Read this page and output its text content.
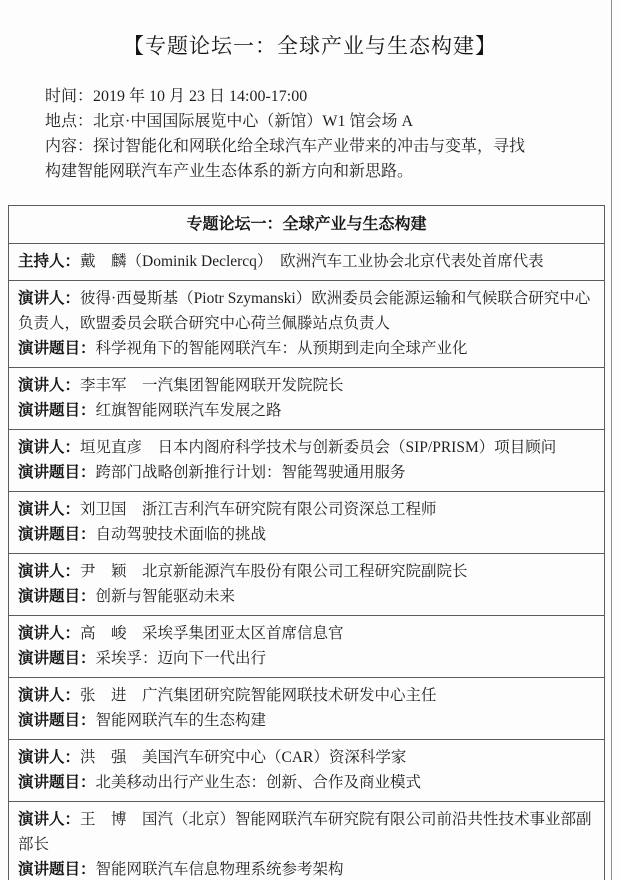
【专题论坛一：全球产业与生态构建】

时间：2019 年 10 月 23 日 14:00-17:00

地点：北京·中国国际展览中心（新馆）W1 馆会场 A

内容：探讨智能化和网联化给全球汽车产业带来的冲击与变革，寻找
构建智能网联汽车产业生态体系的新方向和新思路。

专题论坛一：全球产业与生态构建

主持人：戴　麟（Dominik Declercq）　欧洲汽车工业协会北京代表处首席代表

演讲人：彼得·西曼斯基（Piotr Szymanski）欧洲委员会能源运输和气候联合研究中心负责人，欧盟委员会联合研究中心荷兰佩滕站点负责人

演讲题目：科学视角下的智能网联汽车：从预期到走向全球产业化

演讲人：李丰军　一汽集团智能网联开发院院长

演讲题目：红旗智能网联汽车发展之路

演讲人：垣见直彦　日本内阁府科学技术与创新委员会（SIP/PRISM）项目顾问

演讲题目：跨部门战略创新推行计划：智能驾驶通用服务

演讲人：刘卫国　浙江吉利汽车研究院有限公司资深总工程师

演讲题目：自动驾驶技术面临的挑战

演讲人：尹　颖　北京新能源汽车股份有限公司工程研究院副院长

演讲题目：创新与智能驱动未来

演讲人：高　峻　采埃孚集团亚太区首席信息官

演讲题目：采埃孚：迈向下一代出行

演讲人：张　进　广汽集团研究院智能网联技术研发中心主任

演讲题目：智能网联汽车的生态构建

演讲人：洪　强　美国汽车研究中心（CAR）资深科学家

演讲题目：北美移动出行产业生态：创新、合作及商业模式

演讲人：王　博　国汽（北京）智能网联汽车研究院有限公司前沿共性技术事业部副部长

演讲题目：智能网联汽车信息物理系统参考架构
